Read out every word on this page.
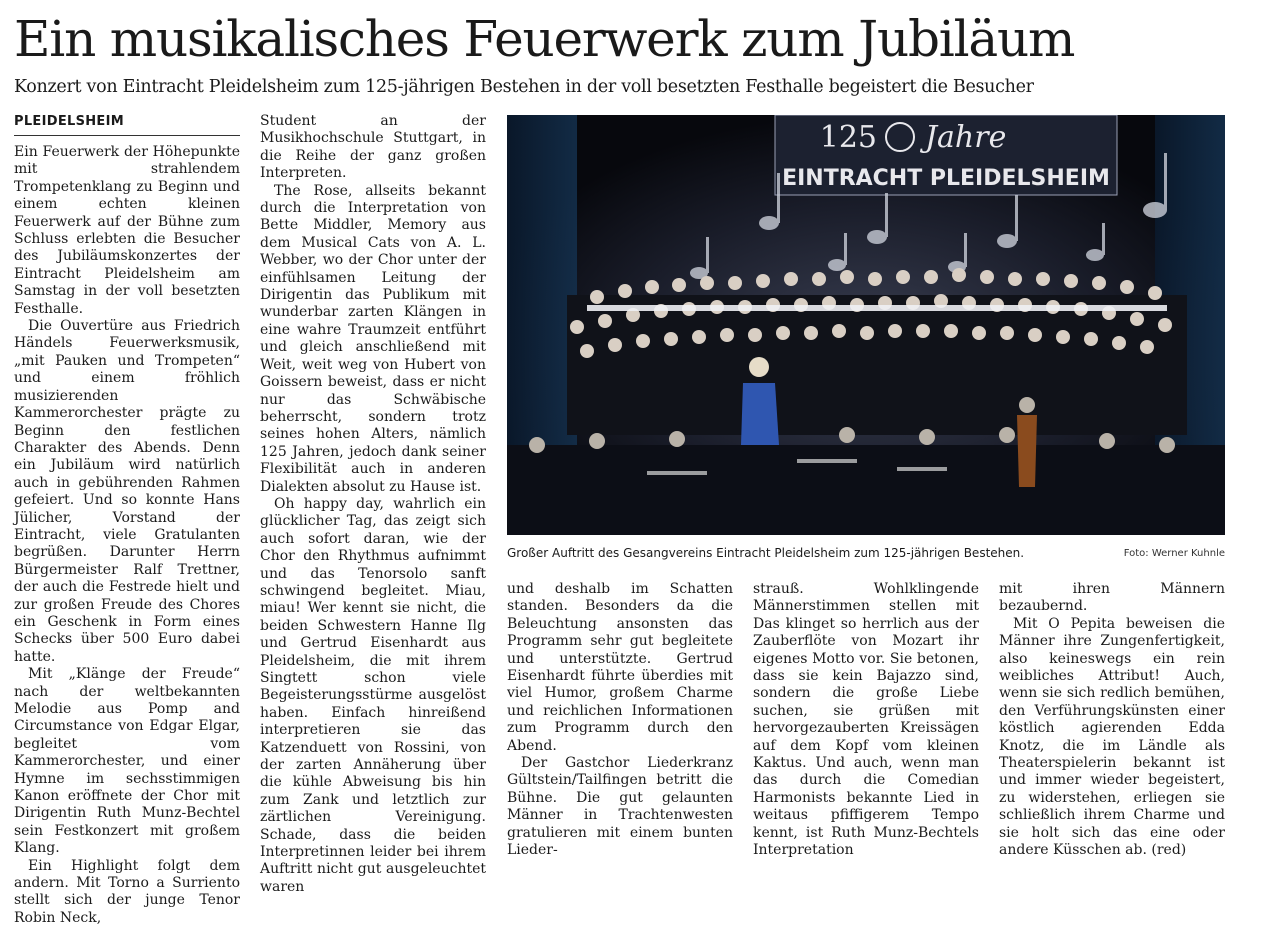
Ein musikalisches Feuerwerk zum Jubiläum
Konzert von Eintracht Pleidelsheim zum 125-jährigen Bestehen in der voll besetzten Festhalle begeistert die Besucher
PLEIDELSHEIM

Ein Feuerwerk der Höhepunkte mit strahlendem Trompetenklang zu Beginn und einem echten kleinen Feuerwerk auf der Bühne zum Schluss erlebten die Besucher des Jubiläumskonzertes der Eintracht Pleidelsheim am Samstag in der voll besetzten Festhalle.

Die Ouvertüre aus Friedrich Händels Feuerwerksmusik, „mit Pauken und Trompeten“ und einem fröhlich musizierenden Kammerorchester prägte zu Beginn den festlichen Charakter des Abends. Denn ein Jubiläum wird natürlich auch in gebührenden Rahmen gefeiert. Und so konnte Hans Jülicher, Vorstand der Eintracht, viele Gratulanten begrüßen. Darunter Herrn Bürgermeister Ralf Trettner, der auch die Festrede hielt und zur großen Freude des Chores ein Geschenk in Form eines Schecks über 500 Euro dabei hatte.

Mit „Klänge der Freude“ nach der weltbekannten Melodie aus Pomp and Circumstance von Edgar Elgar, begleitet vom Kammerorchester, und einer Hymne im sechsstimmigen Kanon eröffnete der Chor mit Dirigentin Ruth Munz-Bechtel sein Festkonzert mit großem Klang.

Ein Highlight folgt dem andern. Mit Torno a Surriento stellt sich der junge Tenor Robin Neck,

Student an der Musikhochschule Stuttgart, in die Reihe der ganz großen Interpreten.

The Rose, allseits bekannt durch die Interpretation von Bette Middler, Memory aus dem Musical Cats von A. L. Webber, wo der Chor unter der einfühlsamen Leitung der Dirigentin das Publikum mit wunderbar zarten Klängen in eine wahre Traumzeit entführt und gleich anschließend mit Weit, weit weg von Hubert von Goissern beweist, dass er nicht nur das Schwäbische beherrscht, sondern trotz seines hohen Alters, nämlich 125 Jahren, jedoch dank seiner Flexibilität auch in anderen Dialekten absolut zu Hause ist.

Oh happy day, wahrlich ein glücklicher Tag, das zeigt sich auch sofort daran, wie der Chor den Rhythmus aufnimmt und das Tenorsolo sanft schwingend begleitet. Miau, miau! Wer kennt sie nicht, die beiden Schwestern Hanne Ilg und Gertrud Eisenhardt aus Pleidelsheim, die mit ihrem Singtett schon viele Begeisterungsstürme ausgelöst haben. Einfach hinreißend interpretieren sie das Katzenduett von Rossini, von der zarten Annäherung über die kühle Abweisung bis hin zum Zank und letztlich zur zärtlichen Vereinigung. Schade, dass die beiden Interpretinnen leider bei ihrem Auftritt nicht gut ausgeleuchtet waren

125 Jahre
EINTRACHT PLEIDELSHEIM
Großer Auftritt des Gesangvereins Eintracht Pleidelsheim zum 125-jährigen Bestehen.	Foto: Werner Kuhnle

und deshalb im Schatten standen. Besonders da die Beleuchtung ansonsten das Programm sehr gut begleitete und unterstützte. Gertrud Eisenhardt führte überdies mit viel Humor, großem Charme und reichlichen Informationen zum Programm durch den Abend.

Der Gastchor Liederkranz Gültstein/Tailfingen betritt die Bühne. Die gut gelaunten Männer in Trachtenwesten gratulieren mit einem bunten Lieder-

strauß. Wohlklingende Männerstimmen stellen mit Das klinget so herrlich aus der Zauberflöte von Mozart ihr eigenes Motto vor. Sie betonen, dass sie kein Bajazzo sind, sondern die große Liebe suchen, sie grüßen mit hervorgezauberten Kreissägen auf dem Kopf vom kleinen Kaktus. Und auch, wenn man das durch die Comedian Harmonists bekannte Lied in weitaus pfiffigerem Tempo kennt, ist Ruth Munz-Bechtels Interpretation

mit ihren Männern bezaubernd.

Mit O Pepita beweisen die Männer ihre Zungenfertigkeit, also keineswegs ein rein weibliches Attribut! Auch, wenn sie sich redlich bemühen, den Verführungskünsten einer köstlich agierenden Edda Knotz, die im Ländle als Theaterspielerin bekannt ist und immer wieder begeistert, zu widerstehen, erliegen sie schließlich ihrem Charme und sie holt sich das eine oder andere Küsschen ab. (red)
